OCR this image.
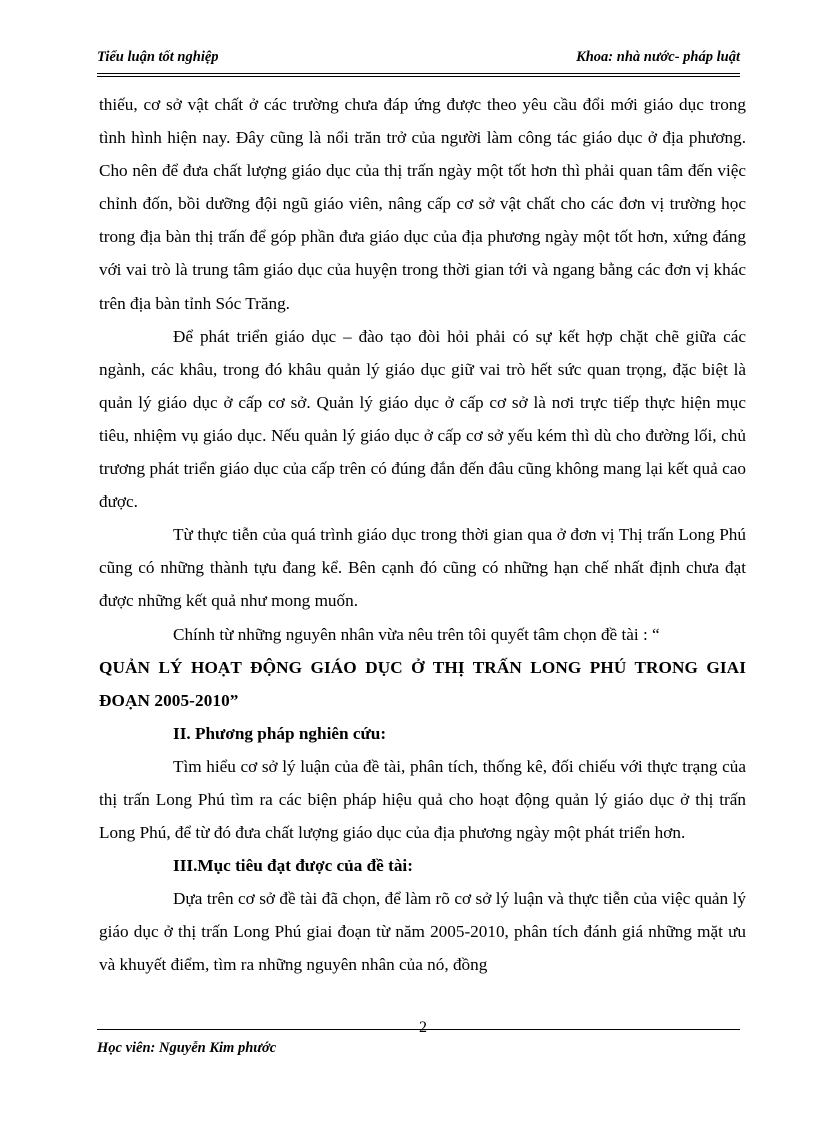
Tiểu luận tốt nghiệp	Khoa: nhà nước- pháp luật

thiếu, cơ sở vật chất ở các trường chưa đáp ứng được theo yêu cầu đổi mới giáo dục trong tình hình hiện nay. Đây cũng là nổi trăn trở của người làm công tác giáo dục ở địa phương. Cho nên để đưa chất lượng giáo dục của thị trấn ngày một tốt hơn thì phải quan tâm đến việc chỉnh đốn, bồi dưỡng đội ngũ giáo viên, nâng cấp cơ sở vật chất cho các đơn vị trường học trong địa bàn thị trấn để góp phần đưa giáo dục của địa phương ngày một tốt hơn, xứng đáng với vai trò là trung tâm giáo dục của huyện trong thời gian tới và ngang bằng các đơn vị khác trên địa bàn tỉnh Sóc Trăng.

Để phát triển giáo dục – đào tạo đòi hỏi phải có sự kết hợp chặt chẽ giữa các ngành, các khâu, trong đó khâu quản lý giáo dục giữ vai trò hết sức quan trọng, đặc biệt là quản lý giáo dục ở cấp cơ sở. Quản lý giáo dục ở cấp cơ sở là nơi trực tiếp thực hiện mục tiêu, nhiệm vụ giáo dục. Nếu quản lý giáo dục ở cấp cơ sở yếu kém thì dù cho đường lối, chủ trương phát triển giáo dục của cấp trên có đúng đắn đến đâu cũng không mang lại kết quả cao được.

Từ thực tiễn của quá trình giáo dục trong thời gian qua ở đơn vị Thị trấn Long Phú cũng có những thành tựu đang kể. Bên cạnh đó cũng có những hạn chế nhất định chưa đạt được những kết quả như mong muốn.

Chính từ những nguyên nhân vừa nêu trên tôi quyết tâm chọn đề tài : “

QUẢN LÝ HOẠT ĐỘNG GIÁO DỤC Ở THỊ TRẤN LONG PHÚ TRONG GIAI ĐOẠN 2005-2010”

II. Phương pháp nghiên cứu:

Tìm hiểu cơ sở lý luận của đề tài, phân tích, thống kê, đối chiếu với thực trạng của thị trấn Long Phú tìm ra các biện pháp hiệu quả cho hoạt động quản lý giáo dục ở thị trấn Long Phú, để từ đó đưa chất lượng giáo dục của địa phương ngày một phát triển hơn.

III.Mục tiêu đạt được của đề tài:

Dựa trên cơ sở đề tài đã chọn, để làm rõ cơ sở lý luận và thực tiễn của việc quản lý giáo dục ở thị trấn Long Phú giai đoạn từ năm 2005-2010, phân tích đánh giá những mặt ưu và khuyết điểm, tìm ra những nguyên nhân của nó, đồng

2
Học viên: Nguyễn Kim phước
